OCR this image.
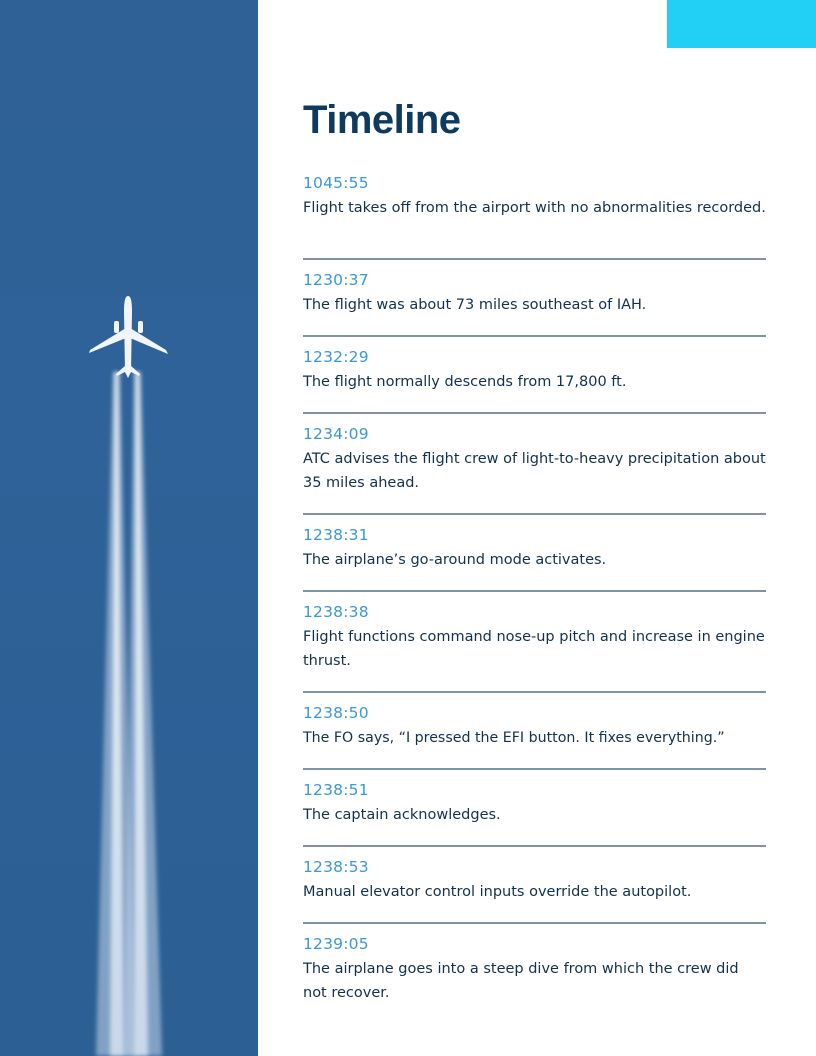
Timeline
1045:55
Flight takes off from the airport with no abnormalities recorded.
1230:37
The flight was about 73 miles southeast of IAH.
1232:29
The flight normally descends from 17,800 ft.
1234:09
ATC advises the flight crew of light-to-heavy precipitation about 35 miles ahead.
1238:31
The airplane’s go-around mode activates.
1238:38
Flight functions command nose-up pitch and increase in engine thrust.
1238:50
The FO says, “I pressed the EFI button. It fixes everything.”
1238:51
The captain acknowledges.
1238:53
Manual elevator control inputs override the autopilot.
1239:05
The airplane goes into a steep dive from which the crew did not recover.
